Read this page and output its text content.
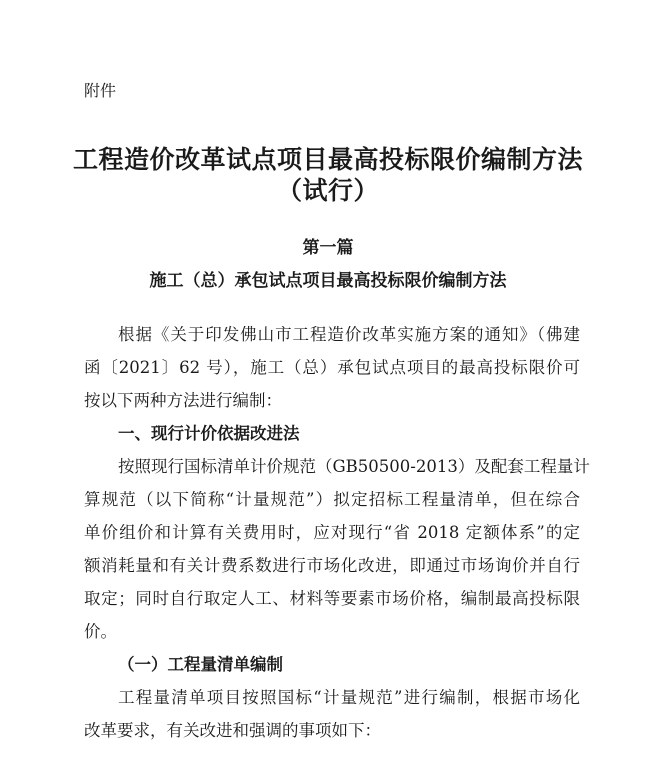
附件
工程造价改革试点项目最高投标限价编制方法
（试行）
第一篇
施工（总）承包试点项目最高投标限价编制方法
根据《关于印发佛山市工程造价改革实施方案的通知》（佛建
函〔2021〕62 号），施工（总）承包试点项目的最高投标限价可
按以下两种方法进行编制：
一、现行计价依据改进法
按照现行国标清单计价规范（GB50500-2013）及配套工程量计
算规范（以下简称“计量规范”）拟定招标工程量清单，但在综合
单价组价和计算有关费用时，应对现行“省 2018 定额体系”的定
额消耗量和有关计费系数进行市场化改进，即通过市场询价并自行
取定；同时自行取定人工、材料等要素市场价格，编制最高投标限
价。
（一）工程量清单编制
工程量清单项目按照国标“计量规范”进行编制，根据市场化
改革要求，有关改进和强调的事项如下：
